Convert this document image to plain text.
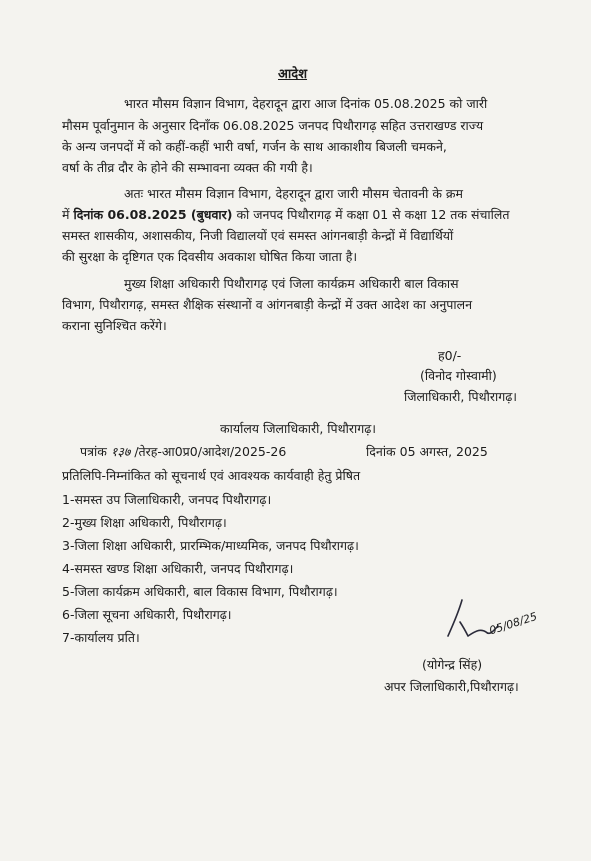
आदेश
भारत मौसम विज्ञान विभाग, देहरादून द्वारा आज दिनांक 05.08.2025 को जारी
मौसम पूर्वानुमान के अनुसार दिनाँक 06.08.2025 जनपद पिथौरागढ़ सहित उत्तराखण्ड राज्य
के अन्य जनपदों में को कहीं-कहीं भारी वर्षा, गर्जन के साथ आकाशीय बिजली चमकने,
वर्षा के तीव्र दौर के होने की सम्भावना व्यक्त की गयी है।
अतः भारत मौसम विज्ञान विभाग, देहरादून द्वारा जारी मौसम चेतावनी के क्रम
में दिनांक 06.08.2025 (बुधवार) को जनपद पिथौरागढ़ में कक्षा 01 से कक्षा 12 तक संचालित
समस्त शासकीय, अशासकीय, निजी विद्यालयों एवं समस्त आंगनबाड़ी केन्द्रों में विद्यार्थियों
की सुरक्षा के दृष्टिगत एक दिवसीय अवकाश घोषित किया जाता है।
मुख्य शिक्षा अधिकारी पिथौरागढ़ एवं जिला कार्यक्रम अधिकारी बाल विकास
विभाग, पिथौरागढ़, समस्त शैक्षिक संस्थानों व आंगनबाड़ी केन्द्रों में उक्त आदेश का अनुपालन
कराना सुनिश्चित करेंगे।
ह0/-
(विनोद गोस्वामी)
जिलाधिकारी, पिथौरागढ़।
कार्यालय जिलाधिकारी, पिथौरागढ़।
पत्रांक १३७ /तेरह-आ0प्र0/आदेश/2025-26	दिनांक 05 अगस्त, 2025
प्रतिलिपि-निम्नांकित को सूचनार्थ एवं आवश्यक कार्यवाही हेतु प्रेषित
1-समस्त उप जिलाधिकारी, जनपद पिथौरागढ़।
2-मुख्य शिक्षा अधिकारी, पिथौरागढ़।
3-जिला शिक्षा अधिकारी, प्रारम्भिक/माध्यमिक, जनपद पिथौरागढ़।
4-समस्त खण्ड शिक्षा अधिकारी, जनपद पिथौरागढ़।
5-जिला कार्यक्रम अधिकारी, बाल विकास विभाग, पिथौरागढ़।
6-जिला सूचना अधिकारी, पिथौरागढ़।
7-कार्यालय प्रति।
05/08/25
(योगेन्द्र सिंह)
अपर जिलाधिकारी,पिथौरागढ़।
